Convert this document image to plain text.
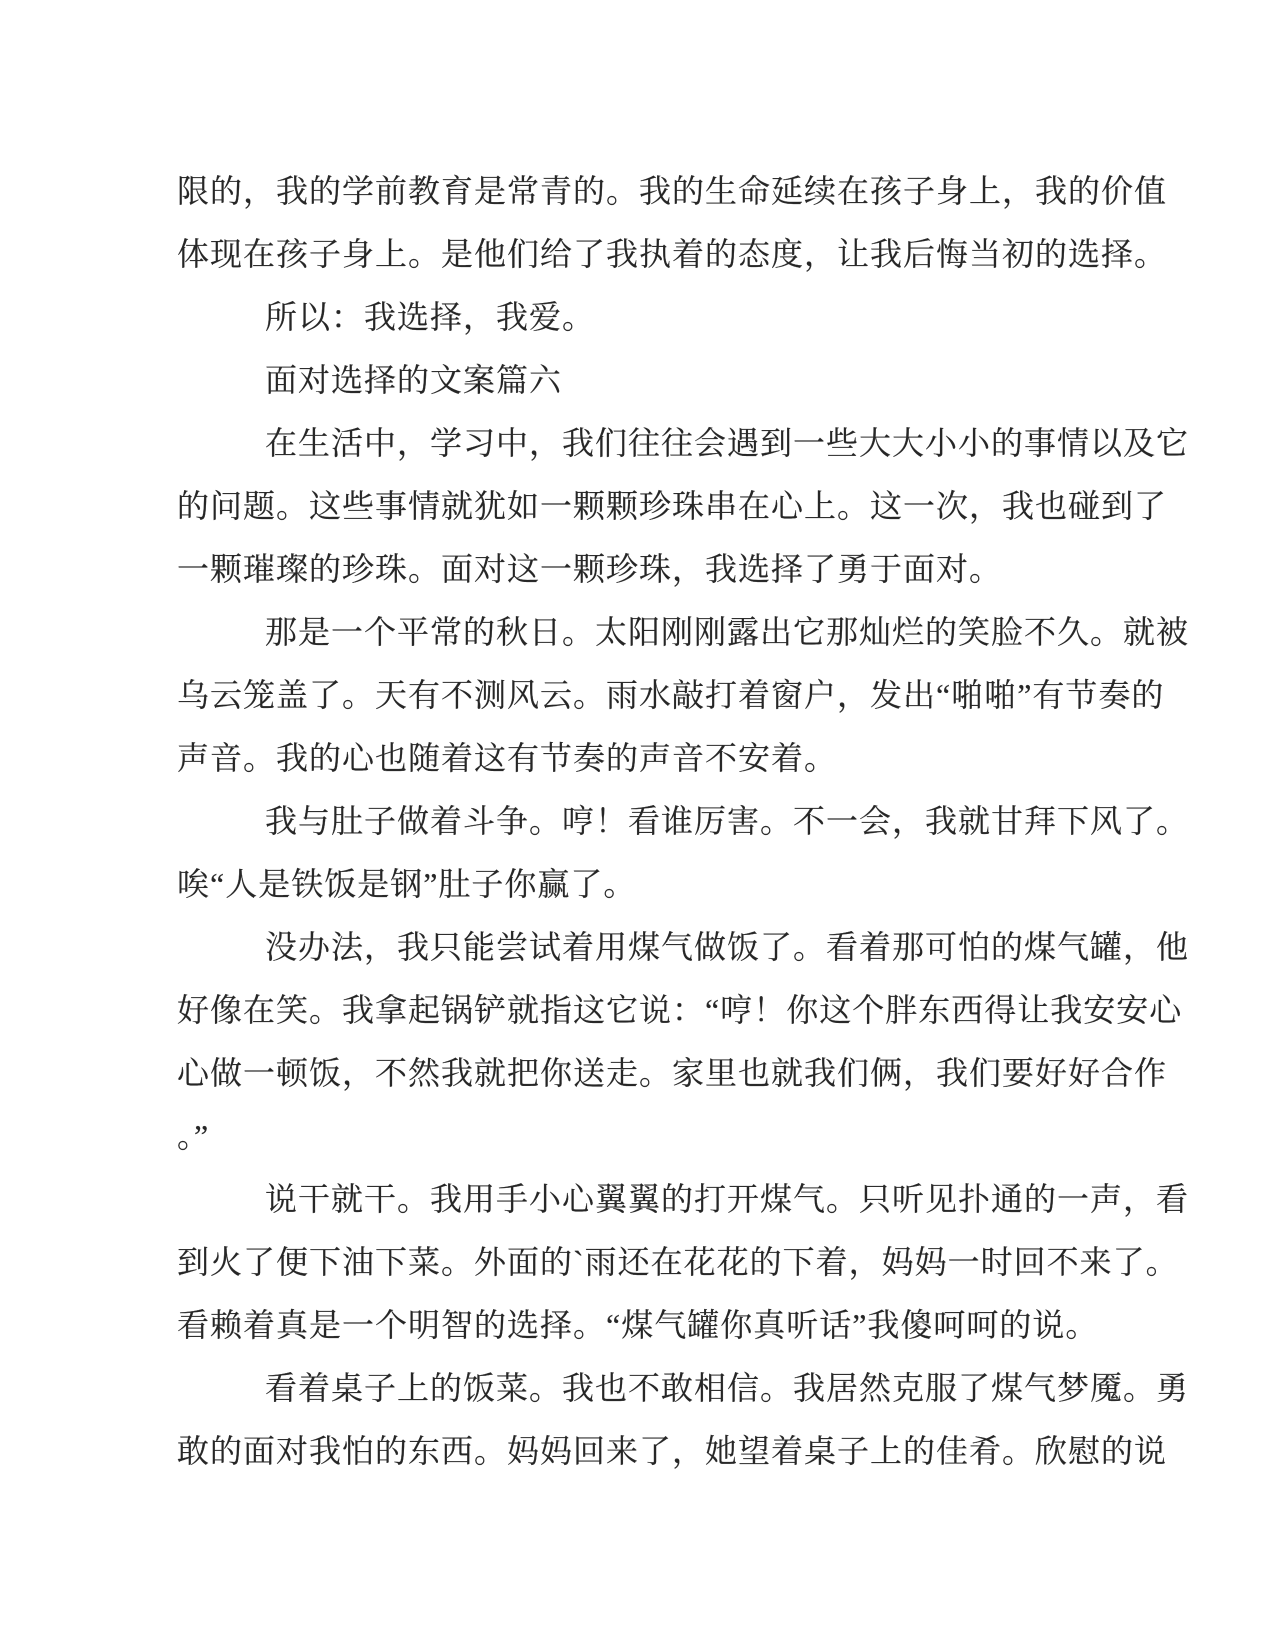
限的，我的学前教育是常青的。我的生命延续在孩子身上，我的价值
体现在孩子身上。是他们给了我执着的态度，让我后悔当初的选择。
所以：我选择，我爱。
面对选择的文案篇六
在生活中，学习中，我们往往会遇到一些大大小小的事情以及它
的问题。这些事情就犹如一颗颗珍珠串在心上。这一次，我也碰到了
一颗璀璨的珍珠。面对这一颗珍珠，我选择了勇于面对。
那是一个平常的秋日。太阳刚刚露出它那灿烂的笑脸不久。就被
乌云笼盖了。天有不测风云。雨水敲打着窗户，发出“啪啪”有节奏的
声音。我的心也随着这有节奏的声音不安着。
我与肚子做着斗争。哼！看谁厉害。不一会，我就甘拜下风了。
唉“人是铁饭是钢”肚子你赢了。
没办法，我只能尝试着用煤气做饭了。看着那可怕的煤气罐，他
好像在笑。我拿起锅铲就指这它说：“哼！你这个胖东西得让我安安心
心做一顿饭，不然我就把你送走。家里也就我们俩，我们要好好合作
。”
说干就干。我用手小心翼翼的打开煤气。只听见扑通的一声，看
到火了便下油下菜。外面的`雨还在花花的下着，妈妈一时回不来了。
看赖着真是一个明智的选择。“煤气罐你真听话”我傻呵呵的说。
看着桌子上的饭菜。我也不敢相信。我居然克服了煤气梦魇。勇
敢的面对我怕的东西。妈妈回来了，她望着桌子上的佳肴。欣慰的说
